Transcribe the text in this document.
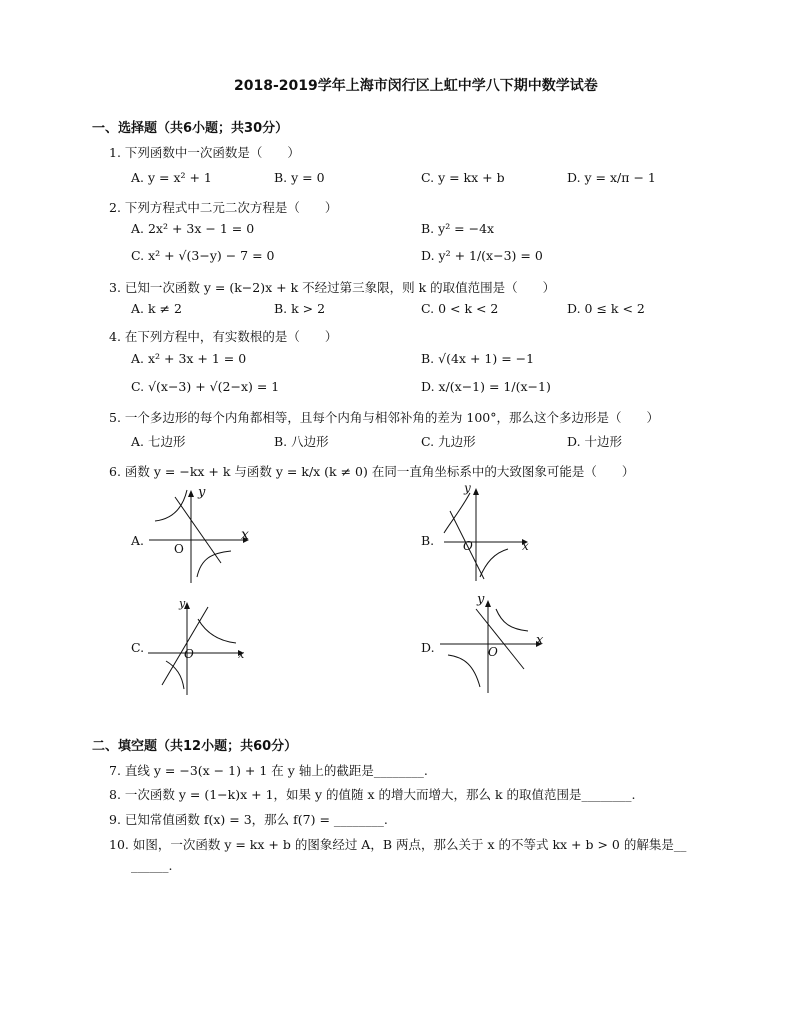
2018-2019学年上海市闵行区上虹中学八下期中数学试卷
一、选择题（共6小题；共30分）
1. 下列函数中一次函数是（　　）
A. y = x² + 1	B. y = 0	C. y = kx + b	D. y = x/π − 1
2. 下列方程式中二元二次方程是（　　）
A. 2x² + 3x − 1 = 0	B. y² = −4x
C. x² + √(3−y) − 7 = 0	D. y² + 1/(x−3) = 0
3. 已知一次函数 y = (k−2)x + k 不经过第三象限，则 k 的取值范围是（　　）
A. k ≠ 2	B. k > 2	C. 0 < k < 2	D. 0 ≤ k < 2
4. 在下列方程中，有实数根的是（　　）
A. x² + 3x + 1 = 0	B. √(4x + 1) = −1
C. √(x−3) + √(2−x) = 1	D. x/(x−1) = 1/(x−1)
5. 一个多边形的每个内角都相等，且每个内角与相邻补角的差为 100°，那么这个多边形是（　　）
A. 七边形	B. 八边形	C. 九边形	D. 十边形
6. 函数 y = −kx + k 与函数 y = k/x (k ≠ 0) 在同一直角坐标系中的大致图象可能是（　　）
A.	x
y
O
B.	x
y
O
C.	x
y
O	D.	x
y
O
二、填空题（共12小题；共60分）
7. 直线 y = −3(x − 1) + 1 在 y 轴上的截距是________.
8. 一次函数 y = (1−k)x + 1，如果 y 的值随 x 的增大而增大，那么 k 的取值范围是________.
9. 已知常值函数 f(x) = 3，那么 f(7) = ________.
10. 如图，一次函数 y = kx + b 的图象经过 A，B 两点，那么关于 x 的不等式 kx + b > 0 的解集是__
______.
